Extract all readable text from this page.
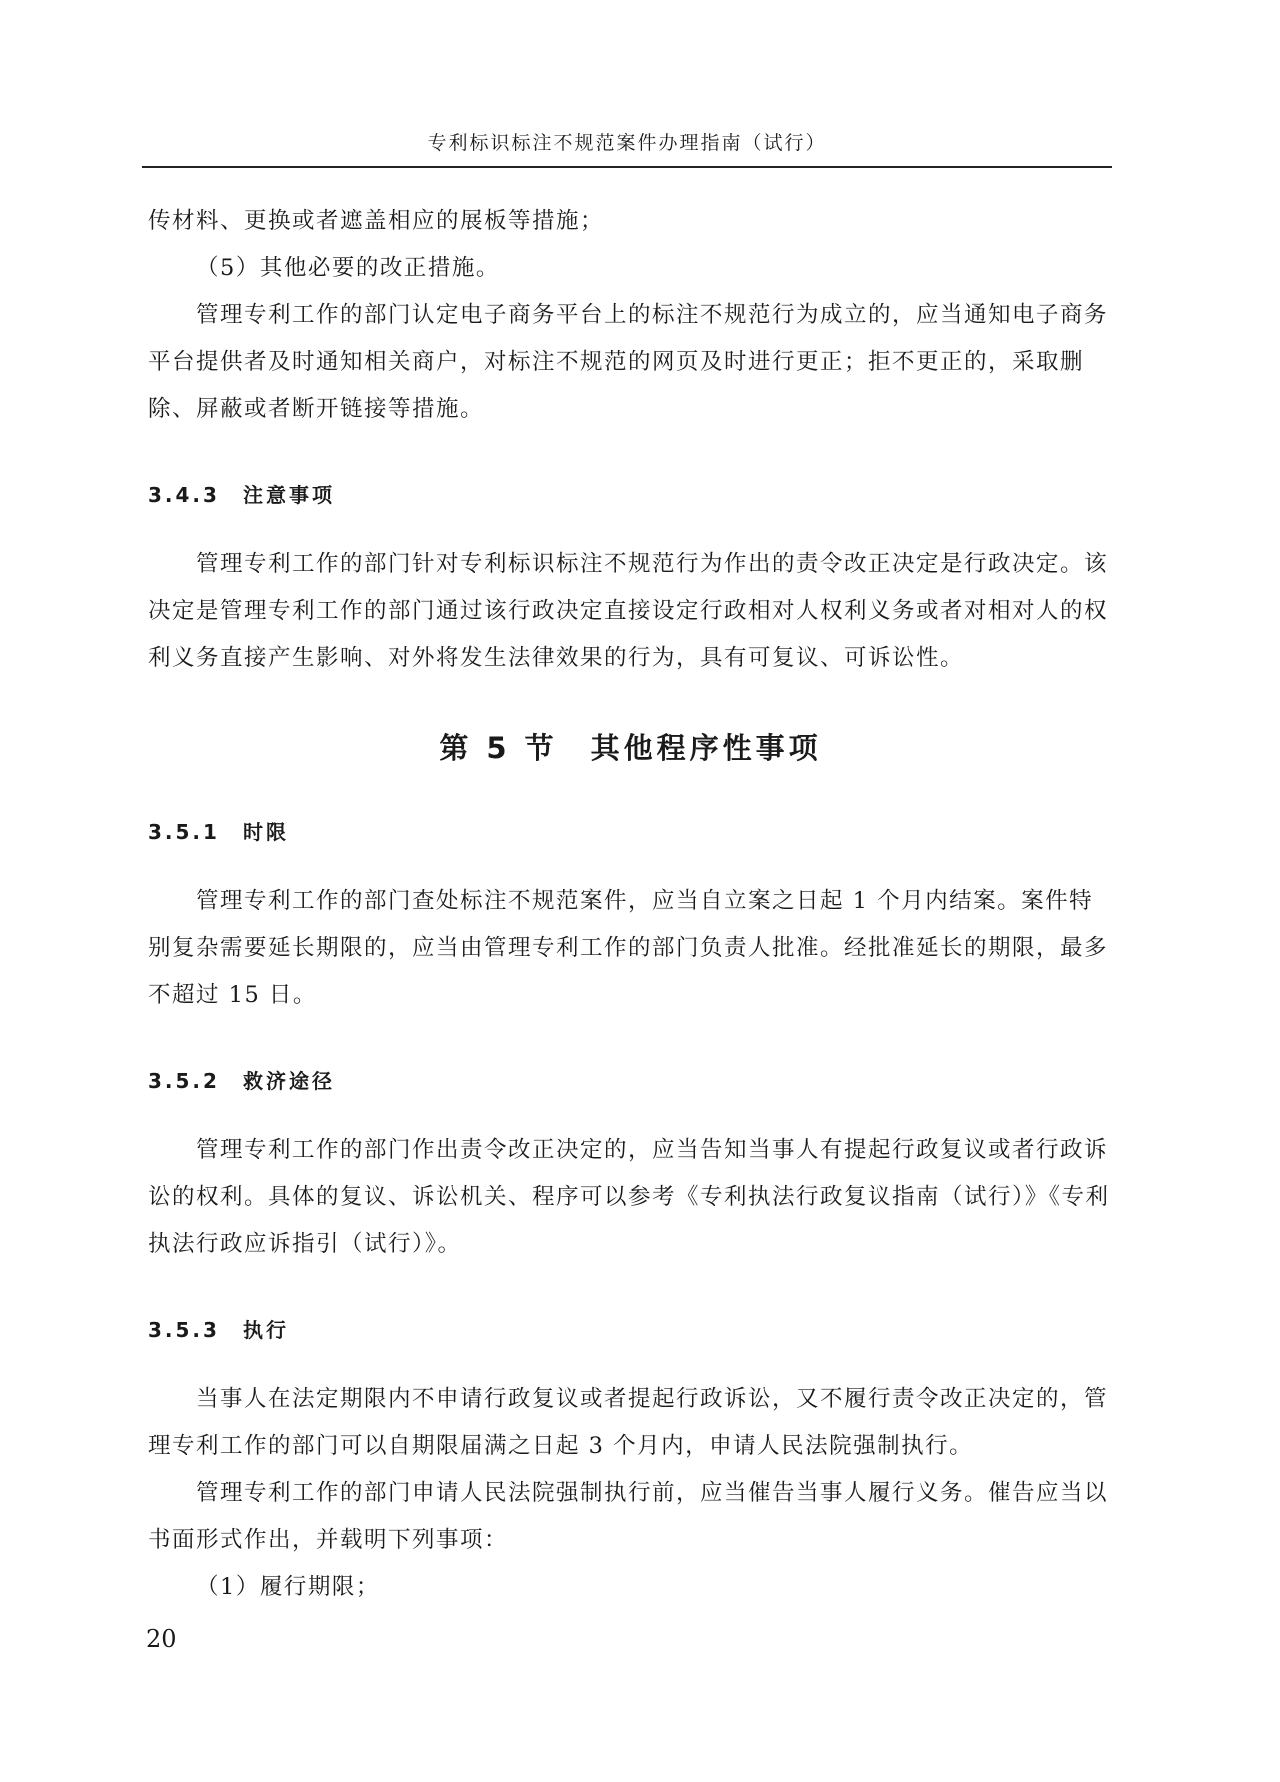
专利标识标注不规范案件办理指南（试行）

传材料、更换或者遮盖相应的展板等措施；

（5）其他必要的改正措施。

管理专利工作的部门认定电子商务平台上的标注不规范行为成立的，应当通知电子商务平台提供者及时通知相关商户，对标注不规范的网页及时进行更正；拒不更正的，采取删除、屏蔽或者断开链接等措施。

3.4.3　注意事项

管理专利工作的部门针对专利标识标注不规范行为作出的责令改正决定是行政决定。该决定是管理专利工作的部门通过该行政决定直接设定行政相对人权利义务或者对相对人的权利义务直接产生影响、对外将发生法律效果的行为，具有可复议、可诉讼性。

第 5 节　其他程序性事项
3.5.1　时限

管理专利工作的部门查处标注不规范案件，应当自立案之日起 1 个月内结案。案件特别复杂需要延长期限的，应当由管理专利工作的部门负责人批准。经批准延长的期限，最多不超过 15 日。

3.5.2　救济途径

管理专利工作的部门作出责令改正决定的，应当告知当事人有提起行政复议或者行政诉讼的权利。具体的复议、诉讼机关、程序可以参考《专利执法行政复议指南（试行）》《专利执法行政应诉指引（试行）》。

3.5.3　执行

当事人在法定期限内不申请行政复议或者提起行政诉讼，又不履行责令改正决定的，管理专利工作的部门可以自期限届满之日起 3 个月内，申请人民法院强制执行。

管理专利工作的部门申请人民法院强制执行前，应当催告当事人履行义务。催告应当以书面形式作出，并载明下列事项：

（1）履行期限；

20
